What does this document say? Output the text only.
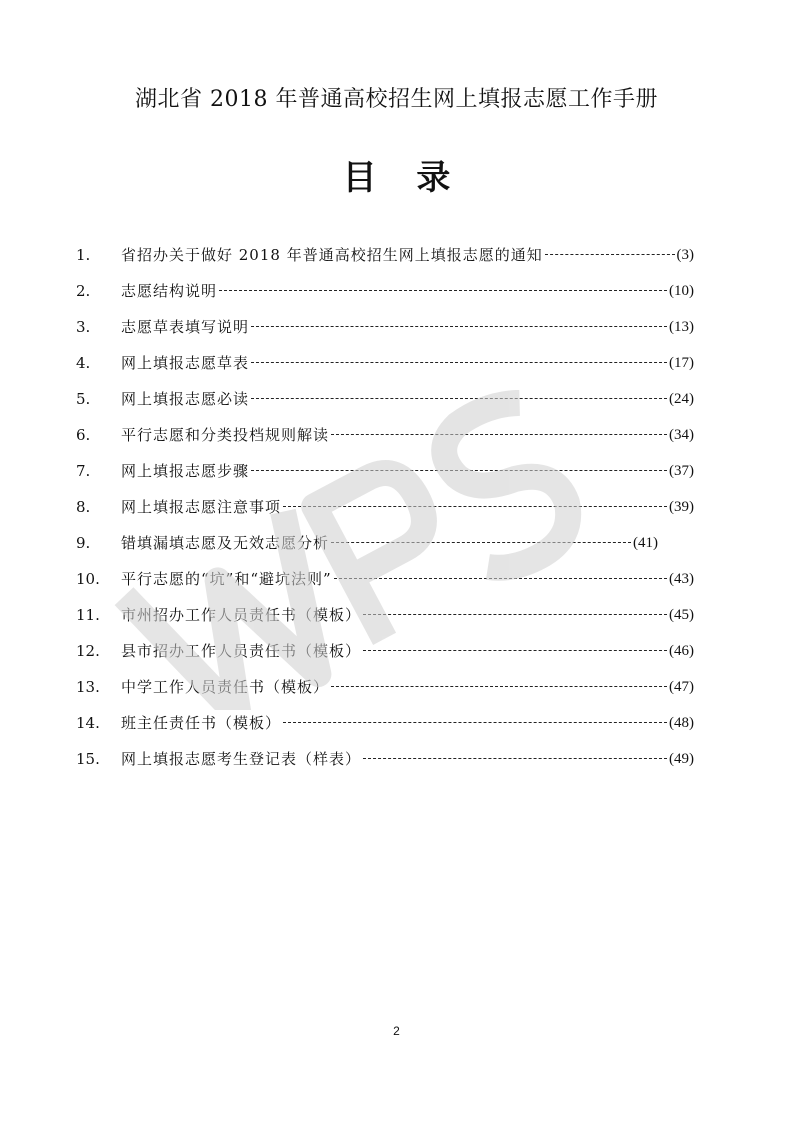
湖北省 2018 年普通高校招生网上填报志愿工作手册
目 录
1. 省招办关于做好 2018 年普通高校招生网上填报志愿的通知	(3)
2. 志愿结构说明	(10)
3. 志愿草表填写说明	(13)
4. 网上填报志愿草表	(17)
5. 网上填报志愿必读	(24)
6. 平行志愿和分类投档规则解读	(34)
7. 网上填报志愿步骤	(37)
8. 网上填报志愿注意事项	(39)
9. 错填漏填志愿及无效志愿分析	(41)
10. 平行志愿的“坑”和“避坑法则”	(43)
11. 市州招办工作人员责任书（模板）	(45)
12. 县市招办工作人员责任书（模板）	(46)
13. 中学工作人员责任书（模板）	(47)
14. 班主任责任书（模板）	(48)
15. 网上填报志愿考生登记表（样表）	(49)
2
